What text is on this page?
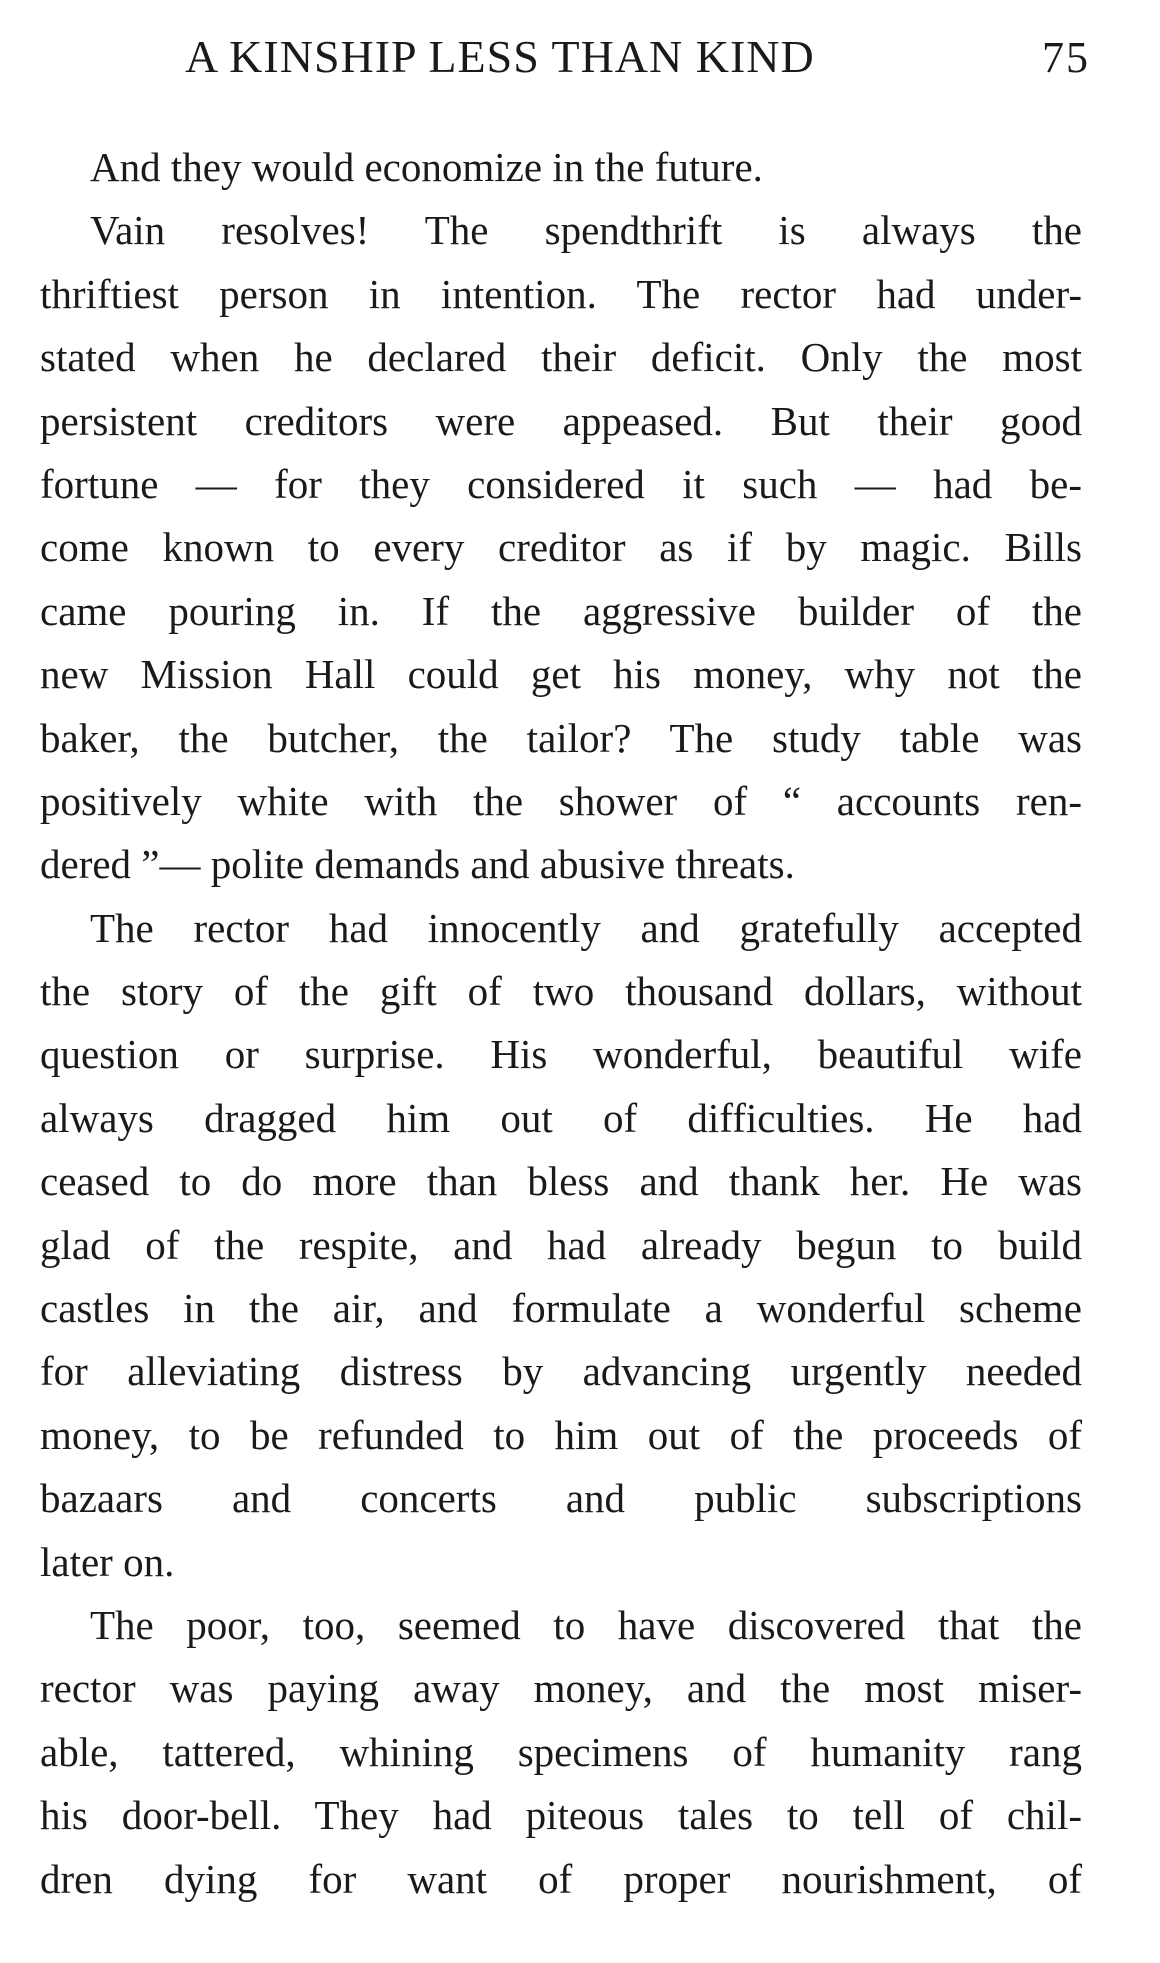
A KINSHIP LESS THAN KIND	75
And they would economize in the future.
Vain resolves! The spendthrift is always the
thriftiest person in intention. The rector had under-
stated when he declared their deficit. Only the most
persistent creditors were appeased. But their good
fortune — for they considered it such — had be-
come known to every creditor as if by magic. Bills
came pouring in. If the aggressive builder of the
new Mission Hall could get his money, why not the
baker, the butcher, the tailor? The study table was
positively white with the shower of “ accounts ren-
dered ”— polite demands and abusive threats.
The rector had innocently and gratefully accepted
the story of the gift of two thousand dollars, without
question or surprise. His wonderful, beautiful wife
always dragged him out of difficulties. He had
ceased to do more than bless and thank her. He was
glad of the respite, and had already begun to build
castles in the air, and formulate a wonderful scheme
for alleviating distress by advancing urgently needed
money, to be refunded to him out of the proceeds of
bazaars and concerts and public subscriptions
later on.
The poor, too, seemed to have discovered that the
rector was paying away money, and the most miser-
able, tattered, whining specimens of humanity rang
his door-bell. They had piteous tales to tell of chil-
dren dying for want of proper nourishment, of
